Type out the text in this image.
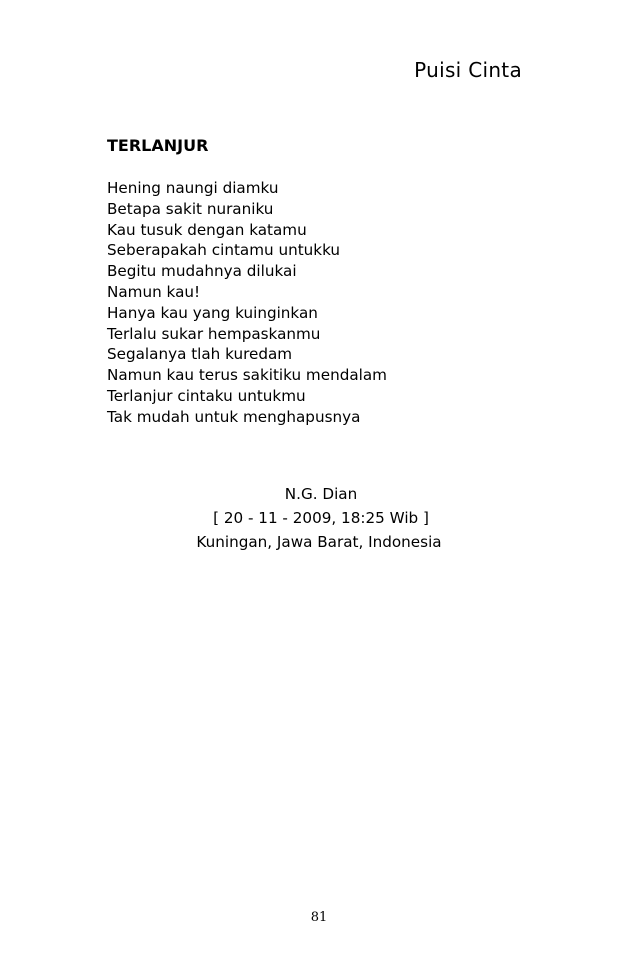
Puisi Cinta
TERLANJUR
Hening naungi diamku
Betapa sakit nuraniku
Kau tusuk dengan katamu
Seberapakah cintamu untukku
Begitu mudahnya dilukai
Namun kau!
Hanya kau yang kuinginkan
Terlalu sukar hempaskanmu
Segalanya tlah kuredam
Namun kau terus sakitiku mendalam
Terlanjur cintaku untukmu
Tak mudah untuk menghapusnya
N.G. Dian
[ 20 - 11 - 2009, 18:25 Wib ]
Kuningan, Jawa Barat, Indonesia
81
